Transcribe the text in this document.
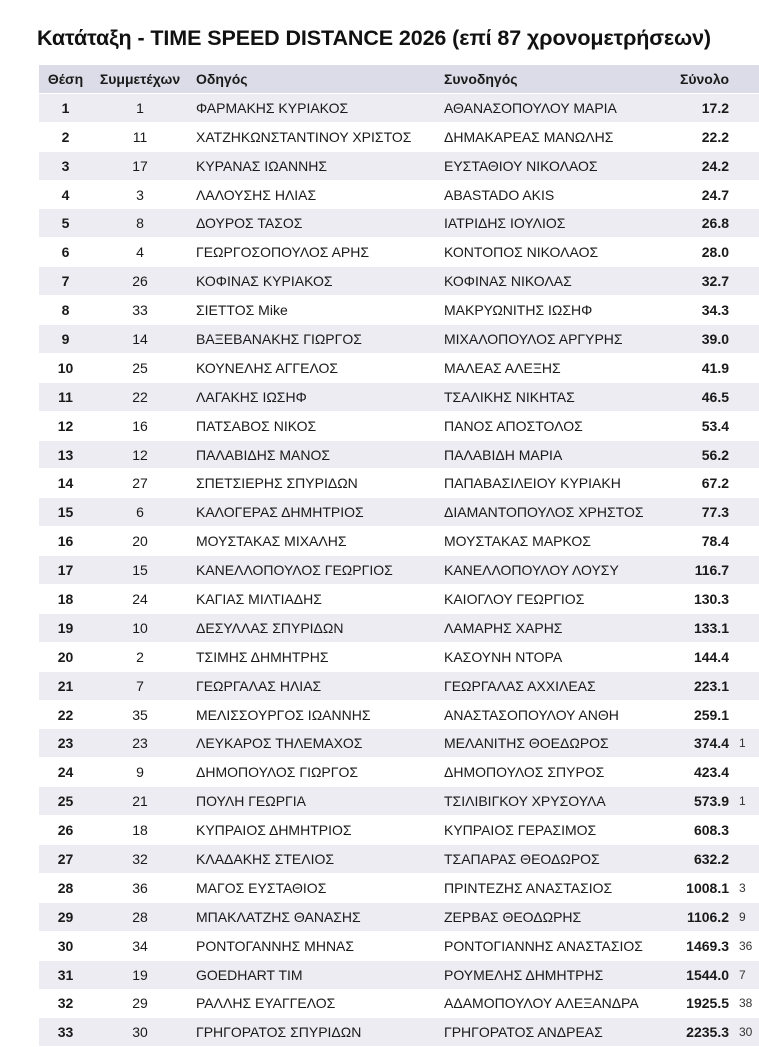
Κατάταξη - TIME SPEED DISTANCE 2026 (επί 87 χρονομετρήσεων)
Θέση	Συμμετέχων	Οδηγός	Συνοδηγός	Σύνολο	
1	1	ΦΑΡΜΑΚΗΣ ΚΥΡΙΑΚΟΣ	ΑΘΑΝΑΣΟΠΟΥΛΟΥ ΜΑΡΙΑ	17.2	
2	11	ΧΑΤΖΗΚΩΝΣΤΑΝΤΙΝΟΥ ΧΡΙΣΤΟΣ	ΔΗΜΑΚΑΡΕΑΣ ΜΑΝΩΛΗΣ	22.2	
3	17	ΚΥΡΑΝΑΣ ΙΩΑΝΝΗΣ	ΕΥΣΤΑΘΙΟΥ ΝΙΚΟΛΑΟΣ	24.2	
4	3	ΛΑΛΟΥΣΗΣ ΗΛΙΑΣ	ABASTADO AKIS	24.7	
5	8	ΔΟΥΡΟΣ ΤΑΣΟΣ	ΙΑΤΡΙΔΗΣ ΙΟΥΛΙΟΣ	26.8	
6	4	ΓΕΩΡΓΟΣΟΠΟΥΛΟΣ ΑΡΗΣ	ΚΟΝΤΟΠΟΣ ΝΙΚΟΛΑΟΣ	28.0	
7	26	ΚΟΦΙΝΑΣ ΚΥΡΙΑΚΟΣ	ΚΟΦΙΝΑΣ ΝΙΚΟΛΑΣ	32.7	
8	33	ΣΙΕΤΤΟΣ Mike	ΜΑΚΡΥΩΝΙΤΗΣ ΙΩΣΗΦ	34.3	
9	14	ΒΑΞΕΒΑΝΑΚΗΣ ΓΙΩΡΓΟΣ	ΜΙΧΑΛΟΠΟΥΛΟΣ ΑΡΓΥΡΗΣ	39.0	
10	25	ΚΟΥΝΕΛΗΣ ΑΓΓΕΛΟΣ	ΜΑΛΕΑΣ ΑΛΕΞΗΣ	41.9	
11	22	ΛΑΓΑΚΗΣ ΙΩΣΗΦ	ΤΣΑΛΙΚΗΣ ΝΙΚΗΤΑΣ	46.5	
12	16	ΠΑΤΣΑΒΟΣ ΝΙΚΟΣ	ΠΑΝΟΣ ΑΠΟΣΤΟΛΟΣ	53.4	
13	12	ΠΑΛΑΒΙΔΗΣ ΜΑΝΟΣ	ΠΑΛΑΒΙΔΗ ΜΑΡΙΑ	56.2	
14	27	ΣΠΕΤΣΙΕΡΗΣ ΣΠΥΡΙΔΩΝ	ΠΑΠΑΒΑΣΙΛΕΙΟΥ ΚΥΡΙΑΚΗ	67.2	
15	6	ΚΑΛΟΓΕΡΑΣ ΔΗΜΗΤΡΙΟΣ	ΔΙΑΜΑΝΤΟΠΟΥΛΟΣ ΧΡΗΣΤΟΣ	77.3	
16	20	ΜΟΥΣΤΑΚΑΣ ΜΙΧΑΛΗΣ	ΜΟΥΣΤΑΚΑΣ ΜΑΡΚΟΣ	78.4	
17	15	ΚΑΝΕΛΛΟΠΟΥΛΟΣ ΓΕΩΡΓΙΟΣ	ΚΑΝΕΛΛΟΠΟΥΛΟΥ ΛΟΥΣΥ	116.7	
18	24	ΚΑΓΙΑΣ ΜΙΛΤΙΑΔΗΣ	ΚΑΙΟΓΛΟΥ ΓΕΩΡΓΙΟΣ	130.3	
19	10	ΔΕΣΥΛΛΑΣ ΣΠΥΡΙΔΩΝ	ΛΑΜΑΡΗΣ ΧΑΡΗΣ	133.1	
20	2	ΤΣΙΜΗΣ ΔΗΜΗΤΡΗΣ	ΚΑΣΟΥΝΗ ΝΤΟΡΑ	144.4	
21	7	ΓΕΩΡΓΑΛΑΣ ΗΛΙΑΣ	ΓΕΩΡΓΑΛΑΣ ΑΧΧΙΛΕΑΣ	223.1	
22	35	ΜΕΛΙΣΣΟΥΡΓΟΣ ΙΩΑΝΝΗΣ	ΑΝΑΣΤΑΣΟΠΟΥΛΟΥ ΑΝΘΗ	259.1	
23	23	ΛΕΥΚΑΡΟΣ ΤΗΛΕΜΑΧΟΣ	ΜΕΛΑΝΙΤΗΣ ΘΟΕΔΩΡΟΣ	374.4	1
24	9	ΔΗΜΟΠΟΥΛΟΣ ΓΙΩΡΓΟΣ	ΔΗΜΟΠΟΥΛΟΣ ΣΠΥΡΟΣ	423.4	
25	21	ΠΟΥΛΗ ΓΕΩΡΓΙΑ	ΤΣΙΛΙΒΙΓΚΟΥ ΧΡΥΣΟΥΛΑ	573.9	1
26	18	ΚΥΠΡΑΙΟΣ ΔΗΜΗΤΡΙΟΣ	ΚΥΠΡΑΙΟΣ ΓΕΡΑΣΙΜΟΣ	608.3	
27	32	ΚΛΑΔΑΚΗΣ ΣΤΕΛΙΟΣ	ΤΣΑΠΑΡΑΣ ΘΕΟΔΩΡΟΣ	632.2	
28	36	ΜΑΓΟΣ ΕΥΣΤΑΘΙΟΣ	ΠΡΙΝΤΕΖΗΣ ΑΝΑΣΤΑΣΙΟΣ	1008.1	3
29	28	ΜΠΑΚΛΑΤΖΗΣ ΘΑΝΑΣΗΣ	ΖΕΡΒΑΣ ΘΕΟΔΩΡΗΣ	1106.2	9
30	34	ΡΟΝΤΟΓΑΝΝΗΣ ΜΗΝΑΣ	ΡΟΝΤΟΓΙΑΝΝΗΣ ΑΝΑΣΤΑΣΙΟΣ	1469.3	36
31	19	GOEDHART TIM	ΡΟΥΜΕΛΗΣ ΔΗΜΗΤΡΗΣ	1544.0	7
32	29	ΡΑΛΛΗΣ ΕΥΑΓΓΕΛΟΣ	ΑΔΑΜΟΠΟΥΛΟΥ ΑΛΕΞΑΝΔΡΑ	1925.5	38
33	30	ΓΡΗΓΟΡΑΤΟΣ ΣΠΥΡΙΔΩΝ	ΓΡΗΓΟΡΑΤΟΣ ΑΝΔΡΕΑΣ	2235.3	30
